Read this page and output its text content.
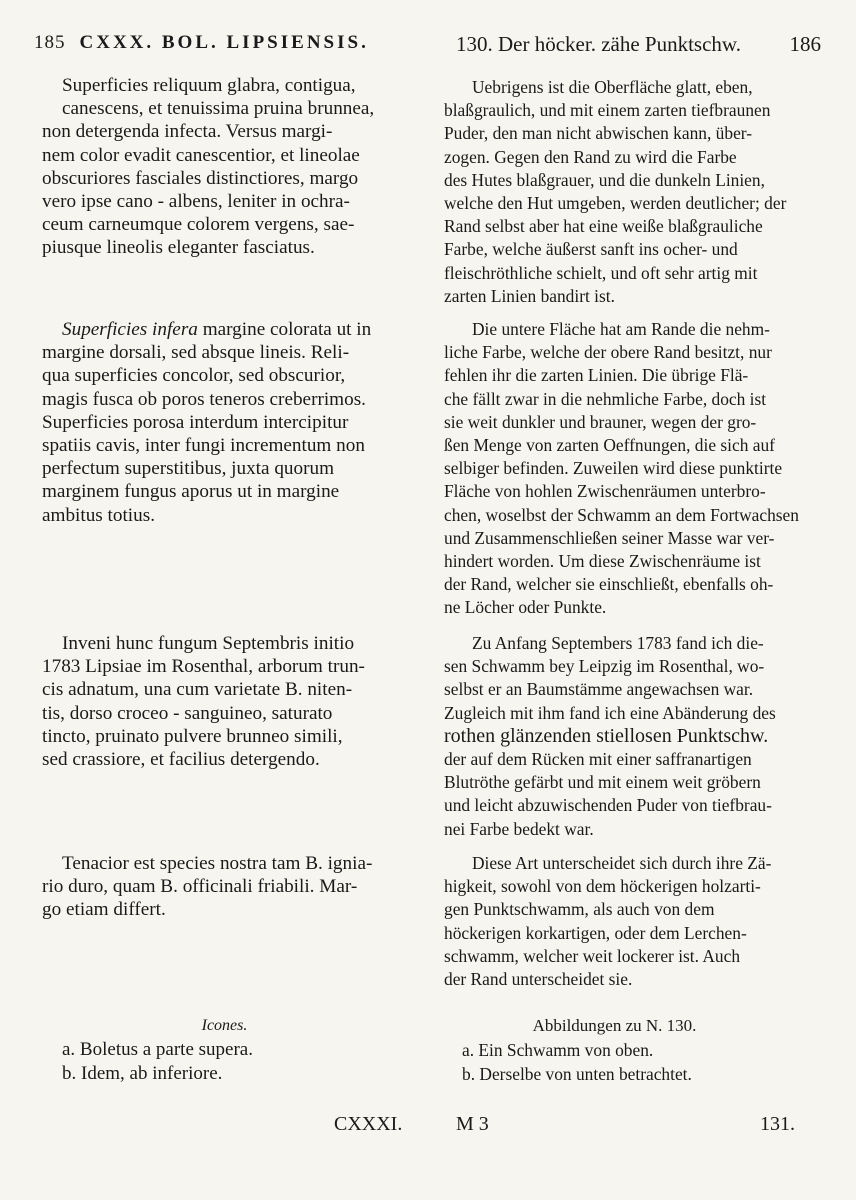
185 CXXX. BOL. LIPSIENSIS.	130. Der höcker. zähe Punktschw. 186
Superficies reliquum glabra, contigua,
canescens, et tenuissima pruina brunnea,
non detergenda infecta. Versus margi-
nem color evadit canescentior, et lineolae
obscuriores fasciales distinctiores, margo
vero ipse cano - albens, leniter in ochra-
ceum carneumque colorem vergens, sae-
piusque lineolis eleganter fasciatus.
Superficies infera margine colorata ut in
margine dorsali, sed absque lineis. Reli-
qua superficies concolor, sed obscurior,
magis fusca ob poros teneros creberrimos.
Superficies porosa interdum intercipitur
spatiis cavis, inter fungi incrementum non
perfectum superstitibus, juxta quorum
marginem fungus aporus ut in margine
ambitus totius.
Inveni hunc fungum Septembris initio
1783 Lipsiae im Rosenthal, arborum trun-
cis adnatum, una cum varietate B. niten-
tis, dorso croceo - sanguineo, saturato
tincto, pruinato pulvere brunneo simili,
sed crassiore, et facilius detergendo.
Tenacior est species nostra tam B. ignia-
rio duro, quam B. officinali friabili. Mar-
go etiam differt.
Icones.
a. Boletus a parte supera.
b. Idem, ab inferiore.
CXXXI.
Uebrigens ist die Oberfläche glatt, eben,
blaßgraulich, und mit einem zarten tiefbraunen
Puder, den man nicht abwischen kann, über-
zogen. Gegen den Rand zu wird die Farbe
des Hutes blaßgrauer, und die dunkeln Linien,
welche den Hut umgeben, werden deutlicher; der
Rand selbst aber hat eine weiße blaßgrauliche
Farbe, welche äußerst sanft ins ocher- und
fleischröthliche schielt, und oft sehr artig mit
zarten Linien bandirt ist.
Die untere Fläche hat am Rande die nehm-
liche Farbe, welche der obere Rand besitzt, nur
fehlen ihr die zarten Linien. Die übrige Flä-
che fällt zwar in die nehmliche Farbe, doch ist
sie weit dunkler und brauner, wegen der gro-
ßen Menge von zarten Oeffnungen, die sich auf
selbiger befinden. Zuweilen wird diese punktirte
Fläche von hohlen Zwischenräumen unterbro-
chen, woselbst der Schwamm an dem Fortwachsen
und Zusammenschließen seiner Masse war ver-
hindert worden. Um diese Zwischenräume ist
der Rand, welcher sie einschließt, ebenfalls oh-
ne Löcher oder Punkte.
Zu Anfang Septembers 1783 fand ich die-
sen Schwamm bey Leipzig im Rosenthal, wo-
selbst er an Baumstämme angewachsen war.
Zugleich mit ihm fand ich eine Abänderung des
rothen glänzenden stiellosen Punktschw.
der auf dem Rücken mit einer saffranartigen
Blutröthe gefärbt und mit einem weit gröbern
und leicht abzuwischenden Puder von tiefbrau-
nei Farbe bedekt war.
Diese Art unterscheidet sich durch ihre Zä-
higkeit, sowohl von dem höckerigen holzarti-
gen Punktschwamm, als auch von dem
höckerigen korkartigen, oder dem Lerchen-
schwamm, welcher weit lockerer ist. Auch
der Rand unterscheidet sie.
Abbildungen zu N. 130.
a. Ein Schwamm von oben.
b. Derselbe von unten betrachtet.
M 3	131.
